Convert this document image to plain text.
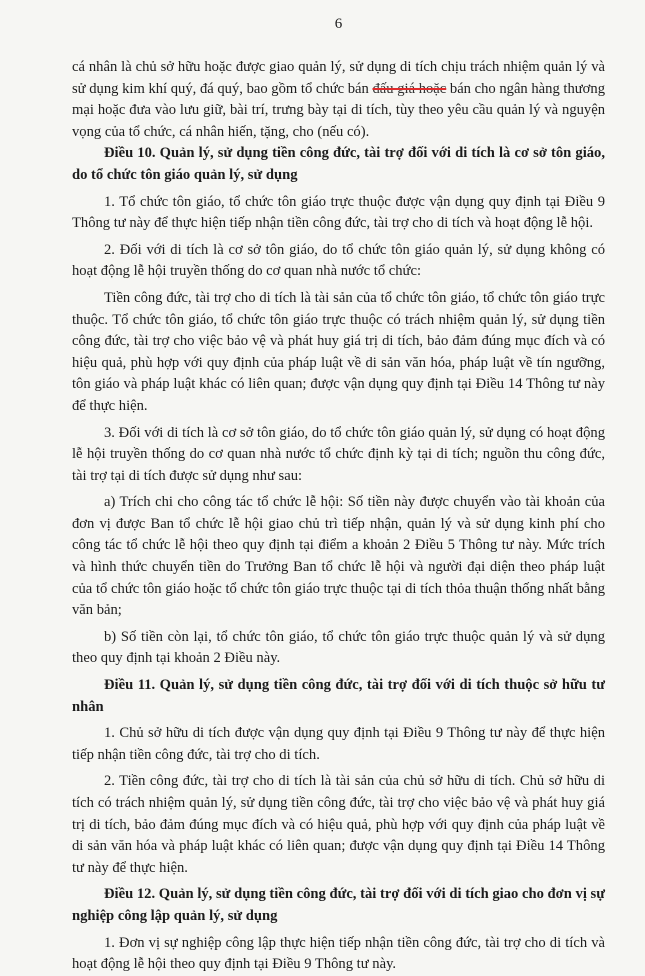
6

cá nhân là chủ sở hữu hoặc được giao quản lý, sử dụng di tích chịu trách nhiệm quản lý và sử dụng kim khí quý, đá quý, bao gồm tổ chức bán đấu giá hoặc bán cho ngân hàng thương mại hoặc đưa vào lưu giữ, bài trí, trưng bày tại di tích, tùy theo yêu cầu quản lý và nguyện vọng của tổ chức, cá nhân hiến, tặng, cho (nếu có).

Điều 10. Quản lý, sử dụng tiền công đức, tài trợ đối với di tích là cơ sở tôn giáo, do tổ chức tôn giáo quản lý, sử dụng

1. Tổ chức tôn giáo, tổ chức tôn giáo trực thuộc được vận dụng quy định tại Điều 9 Thông tư này để thực hiện tiếp nhận tiền công đức, tài trợ cho di tích và hoạt động lễ hội.

2. Đối với di tích là cơ sở tôn giáo, do tổ chức tôn giáo quản lý, sử dụng không có hoạt động lễ hội truyền thống do cơ quan nhà nước tổ chức:

Tiền công đức, tài trợ cho di tích là tài sản của tổ chức tôn giáo, tổ chức tôn giáo trực thuộc. Tổ chức tôn giáo, tổ chức tôn giáo trực thuộc có trách nhiệm quản lý, sử dụng tiền công đức, tài trợ cho việc bảo vệ và phát huy giá trị di tích, bảo đảm đúng mục đích và có hiệu quả, phù hợp với quy định của pháp luật về di sản văn hóa, pháp luật về tín ngưỡng, tôn giáo và pháp luật khác có liên quan; được vận dụng quy định tại Điều 14 Thông tư này để thực hiện.

3. Đối với di tích là cơ sở tôn giáo, do tổ chức tôn giáo quản lý, sử dụng có hoạt động lễ hội truyền thống do cơ quan nhà nước tổ chức định kỳ tại di tích; nguồn thu công đức, tài trợ tại di tích được sử dụng như sau:

a) Trích chi cho công tác tổ chức lễ hội: Số tiền này được chuyển vào tài khoản của đơn vị được Ban tổ chức lễ hội giao chủ trì tiếp nhận, quản lý và sử dụng kinh phí cho công tác tổ chức lễ hội theo quy định tại điểm a khoản 2 Điều 5 Thông tư này. Mức trích và hình thức chuyển tiền do Trưởng Ban tổ chức lễ hội và người đại diện theo pháp luật của tổ chức tôn giáo hoặc tổ chức tôn giáo trực thuộc tại di tích thỏa thuận thống nhất bằng văn bản;

b) Số tiền còn lại, tổ chức tôn giáo, tổ chức tôn giáo trực thuộc quản lý và sử dụng theo quy định tại khoản 2 Điều này.

Điều 11. Quản lý, sử dụng tiền công đức, tài trợ đối với di tích thuộc sở hữu tư nhân

1. Chủ sở hữu di tích được vận dụng quy định tại Điều 9 Thông tư này để thực hiện tiếp nhận tiền công đức, tài trợ cho di tích.

2. Tiền công đức, tài trợ cho di tích là tài sản của chủ sở hữu di tích. Chủ sở hữu di tích có trách nhiệm quản lý, sử dụng tiền công đức, tài trợ cho việc bảo vệ và phát huy giá trị di tích, bảo đảm đúng mục đích và có hiệu quả, phù hợp với quy định của pháp luật về di sản văn hóa và pháp luật khác có liên quan; được vận dụng quy định tại Điều 14 Thông tư này để thực hiện.

Điều 12. Quản lý, sử dụng tiền công đức, tài trợ đối với di tích giao cho đơn vị sự nghiệp công lập quản lý, sử dụng

1. Đơn vị sự nghiệp công lập thực hiện tiếp nhận tiền công đức, tài trợ cho di tích và hoạt động lễ hội theo quy định tại Điều 9 Thông tư này.
